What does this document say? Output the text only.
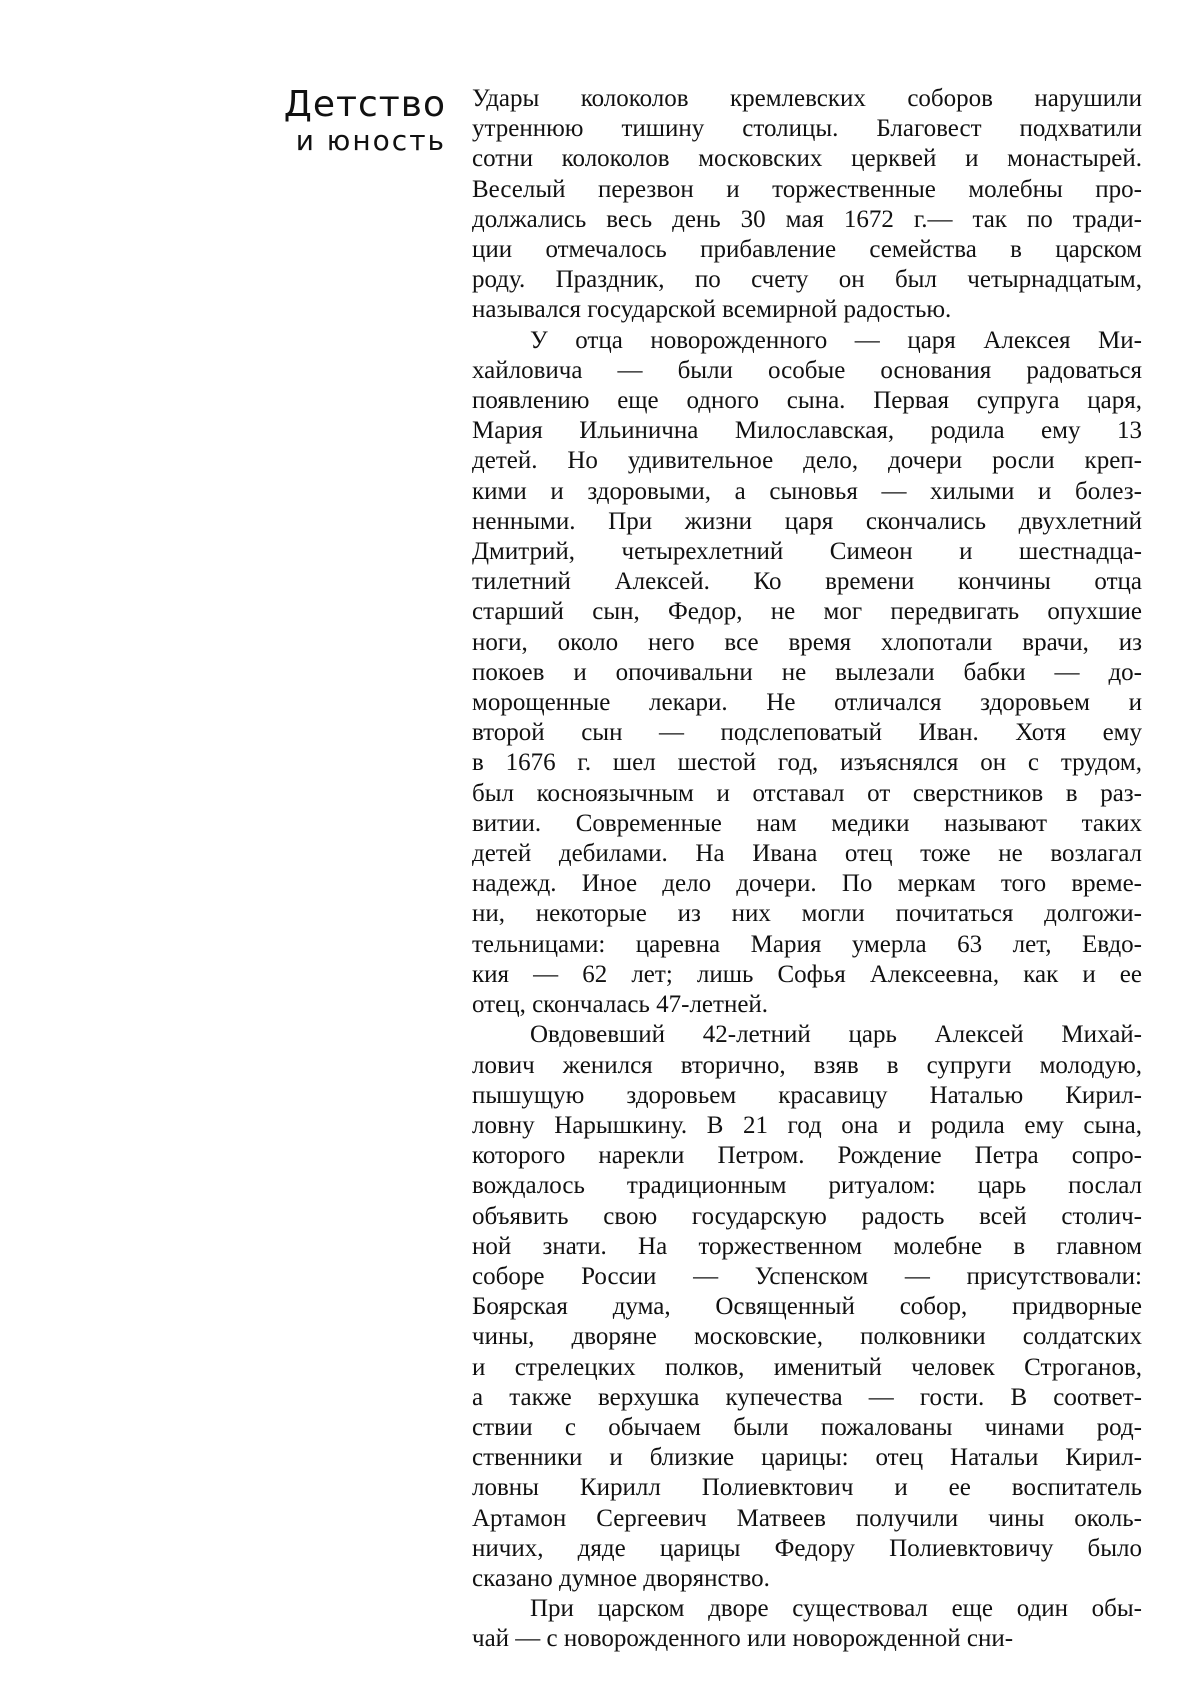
Детство
и юность
Удары колоколов кремлевских соборов нарушили
утреннюю тишину столицы. Благовест подхватили
сотни колоколов московских церквей и монастырей.
Веселый перезвон и торжественные молебны про-
должались весь день 30 мая 1672 г.— так по тради-
ции отмечалось прибавление семейства в царском
роду. Праздник, по счету он был четырнадцатым,
назывался государской всемирной радостью.
У отца новорожденного — царя Алексея Ми-
хайловича — были особые основания радоваться
появлению еще одного сына. Первая супруга царя,
Мария Ильинична Милославская, родила ему 13
детей. Но удивительное дело, дочери росли креп-
кими и здоровыми, а сыновья — хилыми и болез-
ненными. При жизни царя скончались двухлетний
Дмитрий, четырехлетний Симеон и шестнадца-
тилетний Алексей. Ко времени кончины отца
старший сын, Федор, не мог передвигать опухшие
ноги, около него все время хлопотали врачи, из
покоев и опочивальни не вылезали бабки — до-
морощенные лекари. Не отличался здоровьем и
второй сын — подслеповатый Иван. Хотя ему
в 1676 г. шел шестой год, изъяснялся он с трудом,
был косноязычным и отставал от сверстников в раз-
витии. Современные нам медики называют таких
детей дебилами. На Ивана отец тоже не возлагал
надежд. Иное дело дочери. По меркам того време-
ни, некоторые из них могли почитаться долгожи-
тельницами: царевна Мария умерла 63 лет, Евдо-
кия — 62 лет; лишь Софья Алексеевна, как и ее
отец, скончалась 47-летней.
Овдовевший 42-летний царь Алексей Михай-
лович женился вторично, взяв в супруги молодую,
пышущую здоровьем красавицу Наталью Кирил-
ловну Нарышкину. В 21 год она и родила ему сына,
которого нарекли Петром. Рождение Петра сопро-
вождалось традиционным ритуалом: царь послал
объявить свою государскую радость всей столич-
ной знати. На торжественном молебне в главном
соборе России — Успенском — присутствовали:
Боярская дума, Освященный собор, придворные
чины, дворяне московские, полковники солдатских
и стрелецких полков, именитый человек Строганов,
а также верхушка купечества — гости. В соответ-
ствии с обычаем были пожалованы чинами род-
ственники и близкие царицы: отец Натальи Кирил-
ловны Кирилл Полиевктович и ее воспитатель
Артамон Сергеевич Матвеев получили чины околь-
ничих, дяде царицы Федору Полиевктовичу было
сказано думное дворянство.
При царском дворе существовал еще один обы-
чай — с новорожденного или новорожденной сни-
